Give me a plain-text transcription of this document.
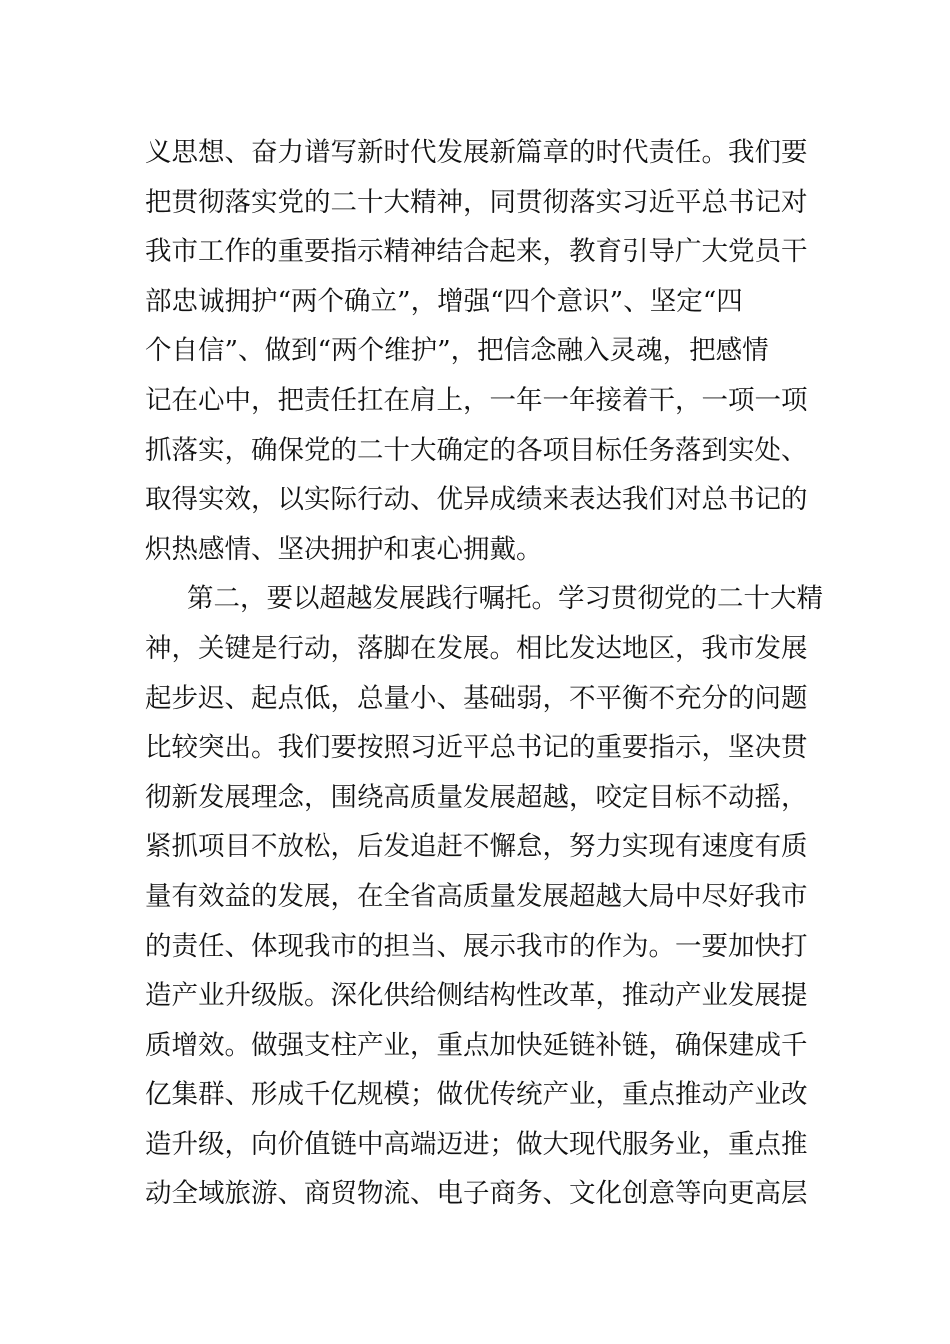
义思想、奋力谱写新时代发展新篇章的时代责任。我们要
把贯彻落实党的二十大精神，同贯彻落实习近平总书记对
我市工作的重要指示精神结合起来，教育引导广大党员干
部忠诚拥护“两个确立”，增强“四个意识”、坚定“四
个自信”、做到“两个维护”，把信念融入灵魂，把感情
记在心中，把责任扛在肩上，一年一年接着干，一项一项
抓落实，确保党的二十大确定的各项目标任务落到实处、
取得实效，以实际行动、优异成绩来表达我们对总书记的
炽热感情、坚决拥护和衷心拥戴。
第二，要以超越发展践行嘱托。学习贯彻党的二十大精
神，关键是行动，落脚在发展。相比发达地区，我市发展
起步迟、起点低，总量小、基础弱，不平衡不充分的问题
比较突出。我们要按照习近平总书记的重要指示，坚决贯
彻新发展理念，围绕高质量发展超越，咬定目标不动摇，
紧抓项目不放松，后发追赶不懈怠，努力实现有速度有质
量有效益的发展，在全省高质量发展超越大局中尽好我市
的责任、体现我市的担当、展示我市的作为。一要加快打
造产业升级版。深化供给侧结构性改革，推动产业发展提
质增效。做强支柱产业，重点加快延链补链，确保建成千
亿集群、形成千亿规模；做优传统产业，重点推动产业改
造升级，向价值链中高端迈进；做大现代服务业，重点推
动全域旅游、商贸物流、电子商务、文化创意等向更高层
